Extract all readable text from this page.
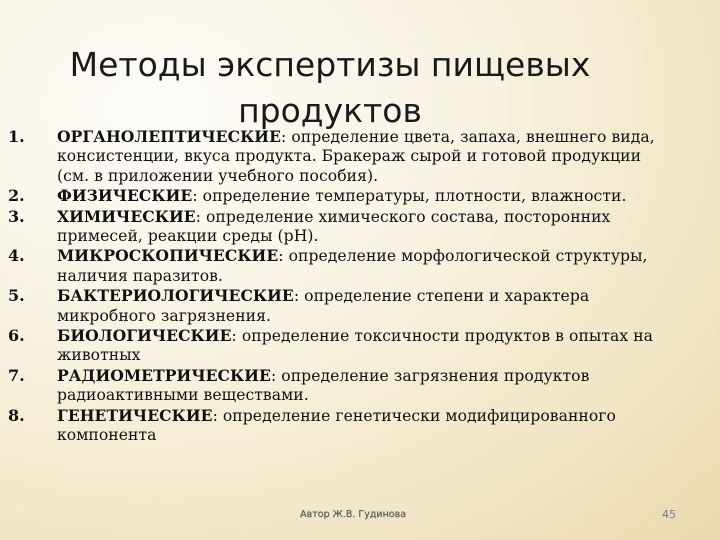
Методы экспертизы пищевых
продуктов
1.	ОРГАНОЛЕПТИЧЕСКИЕ: определение цвета, запаха, внешнего вида, консистенции, вкуса продукта. Бракераж сырой и готовой продукции (см. в приложении учебного пособия).
2.	ФИЗИЧЕСКИЕ: определение температуры, плотности, влажности.
3.	ХИМИЧЕСКИЕ: определение химического состава, посторонних примесей, реакции среды (pH).
4.	МИКРОСКОПИЧЕСКИЕ: определение морфологической структуры, наличия паразитов.
5.	БАКТЕРИОЛОГИЧЕСКИЕ: определение степени и характера микробного загрязнения.
6.	БИОЛОГИЧЕСКИЕ: определение токсичности продуктов в опытах на животных
7.	РАДИОМЕТРИЧЕСКИЕ: определение загрязнения продуктов радиоактивными веществами.
8.	ГЕНЕТИЧЕСКИЕ: определение генетически модифицированного компонента
Автор Ж.В. Гудинова	45
